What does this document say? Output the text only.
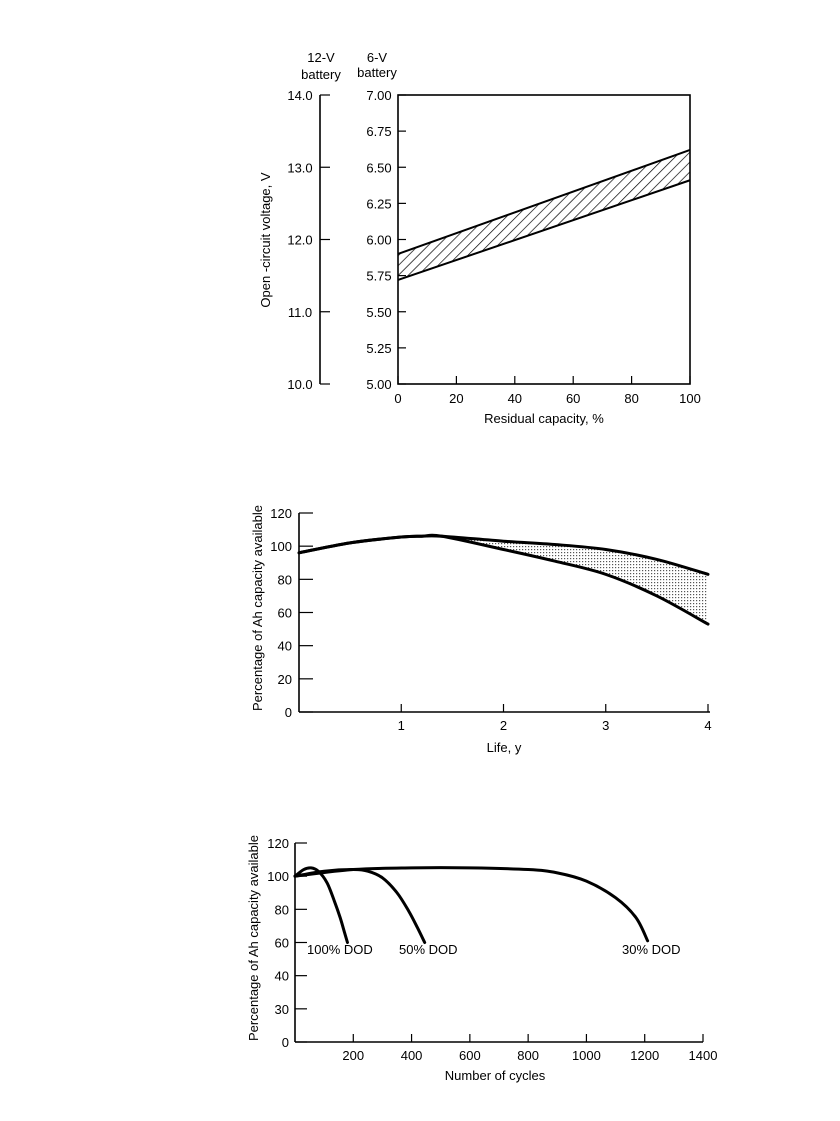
12-V
battery
6-V
battery
10.0
11.0
12.0
13.0
14.0
5.00
5.25
5.50
5.75
6.00
6.25
6.50
6.75
7.00
0	20	40	60	80	100
Residual capacity, %
Open -circuit voltage, V
0
20
40
60
80
100
120
1	2	3	4
Life, y
Percentage of Ah capacity available
0
30
40
60
80
100
120
200	400	600	800	1000 1200 1400
100% DOD 50% DOD	30% DOD
Number of cycles
Percentage of Ah capacity available
